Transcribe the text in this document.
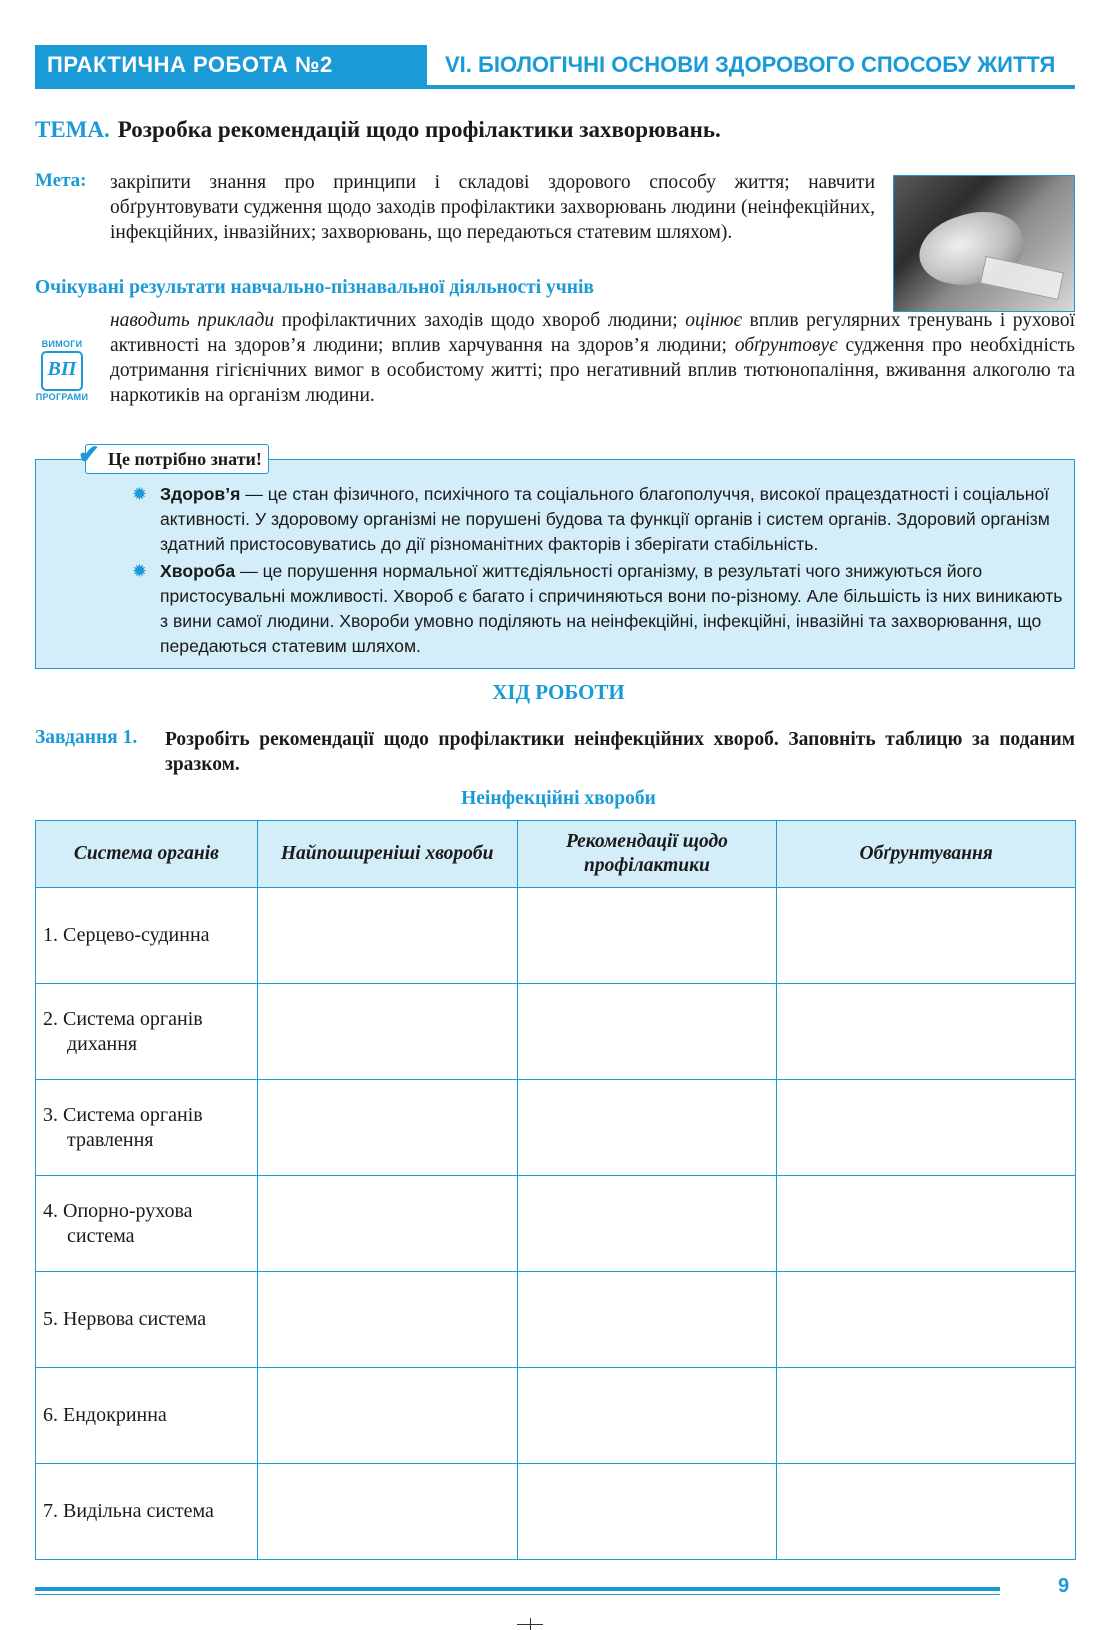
ПРАКТИЧНА РОБОТА №2	VI. БІОЛОГІЧНІ ОСНОВИ ЗДОРОВОГО СПОСОБУ ЖИТТЯ
ТЕМА. Розробка рекомендацій щодо профілактики захворювань.
Мета: закріпити знання про принципи і складові здорового способу життя; навчити обґрунтовувати судження щодо заходів профілактики захворювань людини (неінфекційних, інфекційних, інвазійних; захворювань, що передаються статевим шляхом).
Очікувані результати навчально-пізнавальної діяльності учнів
ВИМОГИ
ВП
ПРОГРАМИ
наводить приклади профілактичних заходів щодо хвороб людини; оцінює вплив регулярних тренувань і рухової активності на здоров’я людини; вплив харчування на здоров’я людини; обґрунтовує судження про необхідність дотримання гігієнічних вимог в особистому житті; про негативний вплив тютюнопаління, вживання алкоголю та наркотиків на організм людини.
✔ Це потрібно знати!
✹ Здоров’я — це стан фізичного, психічного та соціального благополуччя, високої працездатності і соціальної активності. У здоровому організмі не порушені будова та функції органів і систем органів. Здоровий організм здатний пристосовуватись до дії різноманітних факторів і зберігати стабільність.
✹ Хвороба — це порушення нормальної життєдіяльності організму, в результаті чого знижуються його пристосувальні можливості. Хвороб є багато і спричиняються вони по-різному. Але більшість із них виникають з вини самої людини. Хвороби умовно поділяють на неінфекційні, інфекційні, інвазійні та захворювання, що передаються статевим шляхом.
ХІД РОБОТИ
Завдання 1. Розробіть рекомендації щодо профілактики неінфекційних хвороб. Заповніть таблицю за поданим зразком.
Неінфекційні хвороби
Система органів	Найпоширеніші хвороби	Рекомендації щодо профілактики	Обґрунтування

1. Серцево-судинна			

2. Система органів дихання			

3. Система органів травлення			

4. Опорно-рухова система			

5. Нервова система			

6. Ендокринна			

7. Видільна система			

9
